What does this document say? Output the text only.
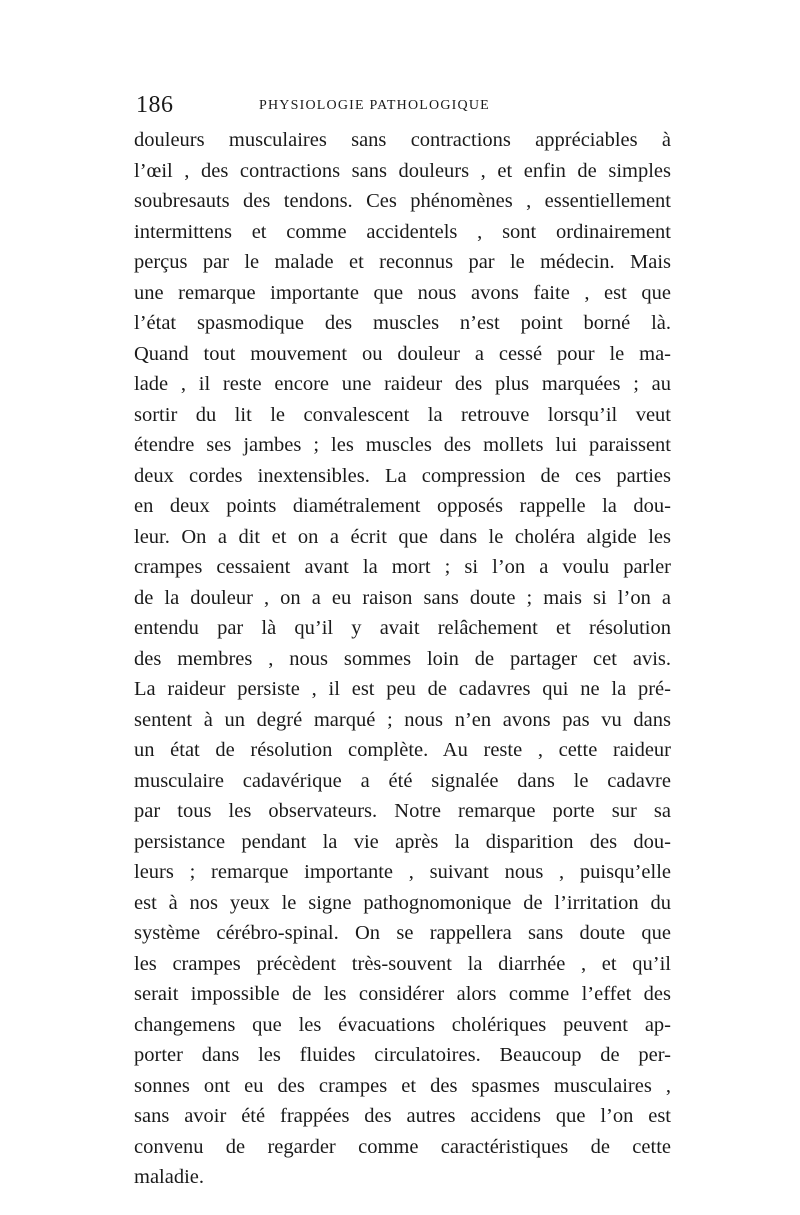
186	PHYSIOLOGIE PATHOLOGIQUE
douleurs musculaires sans contractions appréciables à
l’œil , des contractions sans douleurs , et enfin de simples
soubresauts des tendons. Ces phénomènes , essentiellement
intermittens et comme accidentels , sont ordinairement
perçus par le malade et reconnus par le médecin. Mais
une remarque importante que nous avons faite , est que
l’état spasmodique des muscles n’est point borné là.
Quand tout mouvement ou douleur a cessé pour le ma-
lade , il reste encore une raideur des plus marquées ; au
sortir du lit le convalescent la retrouve lorsqu’il veut
étendre ses jambes ; les muscles des mollets lui paraissent
deux cordes inextensibles. La compression de ces parties
en deux points diamétralement opposés rappelle la dou-
leur. On a dit et on a écrit que dans le choléra algide les
crampes cessaient avant la mort ; si l’on a voulu parler
de la douleur , on a eu raison sans doute ; mais si l’on a
entendu par là qu’il y avait relâchement et résolution
des membres , nous sommes loin de partager cet avis.
La raideur persiste , il est peu de cadavres qui ne la pré-
sentent à un degré marqué ; nous n’en avons pas vu dans
un état de résolution complète. Au reste , cette raideur
musculaire cadavérique a été signalée dans le cadavre
par tous les observateurs. Notre remarque porte sur sa
persistance pendant la vie après la disparition des dou-
leurs ; remarque importante , suivant nous , puisqu’elle
est à nos yeux le signe pathognomonique de l’irritation du
système cérébro-spinal. On se rappellera sans doute que
les crampes précèdent très-souvent la diarrhée , et qu’il
serait impossible de les considérer alors comme l’effet des
changemens que les évacuations cholériques peuvent ap-
porter dans les fluides circulatoires. Beaucoup de per-
sonnes ont eu des crampes et des spasmes musculaires ,
sans avoir été frappées des autres accidens que l’on est
convenu de regarder comme caractéristiques de cette
maladie.
